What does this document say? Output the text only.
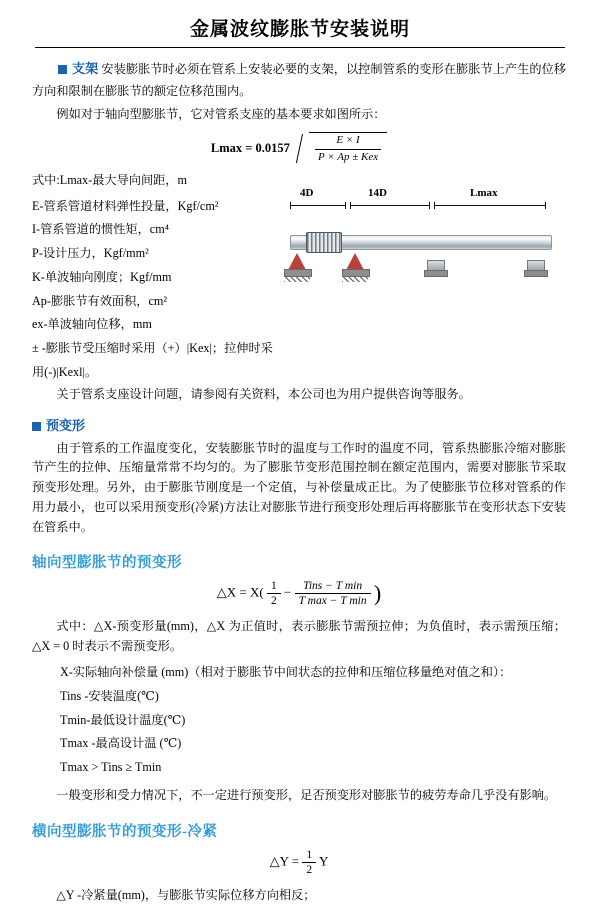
金属波纹膨胀节安装说明

支架 安装膨胀节时必须在管系上安装必要的支架，以控制管系的变形在膨胀节上产生的位移方向和限制在膨胀节的额定位移范围内。

例如对于轴向型膨胀节，它对管系支座的基本要求如图所示：

$Lmax = 0.0157 \frac{E \times I}{\text{P × Ap ± Kex}}$

式中:Lmax-最大导向间距，m

E-管系管道材料弹性投量，Kgf/cm²
I-管系管道的惯性矩，cm⁴
P-设计压力，Kgf/mm²
K-单波轴向刚度；Kgf/mm
Ap-膨胀节有效面积，cm²
ex-单波轴向位移，mm
± -膨胀节受压缩时采用（+）|Kex|；拉伸时采用(-)|Kexl|。
4D	14D	Lmax

关于管系支座设计问题，请参阅有关资料，本公司也为用户提供咨询等服务。

预变形

由于管系的工作温度变化，安装膨胀节时的温度与工作时的温度不同，管系热膨胀冷缩对膨胀节产生的拉伸、压缩量常常不均匀的。为了膨胀节变形范围控制在额定范围内，需要对膨胀节采取预变形处理。另外，由于膨胀节刚度是一个定值，与补偿量成正比。为了使膨胀节位移对管系的作用力最小，也可以采用预变形(冷紧)方法让对膨胀节进行预变形处理后再将膨胀节在变形状态下安装在管系中。

轴向型膨胀节的预变形
△X = $X( \frac{1}{2} - \frac{\text{Tins − T min}}{\text{T max − T min}}$ )

式中：△X-预变形量(mm)，△X 为正值时，表示膨胀节需预拉伸；为负值时，表示需预压缩；△X = 0 时表示不需预变形。

X-实际轴向补偿量 (mm)（相对于膨胀节中间状态的拉伸和压缩位移量绝对值之和）：
Tins -安装温度(℃)
Tmin-最低设计温度(℃)
Tmax -最高设计温 (℃)
Tmax > Tins ≥ Tmin

一般变形和受力情况下，不一定进行预变形，足否预变形对膨胀节的疲劳寿命几乎没有影响。

横向型膨胀节的预变形-冷紧
△Y = $\frac{1}{2}$ Y

△Y -冷紧量(mm)，与膨胀节实际位移方向相反；
